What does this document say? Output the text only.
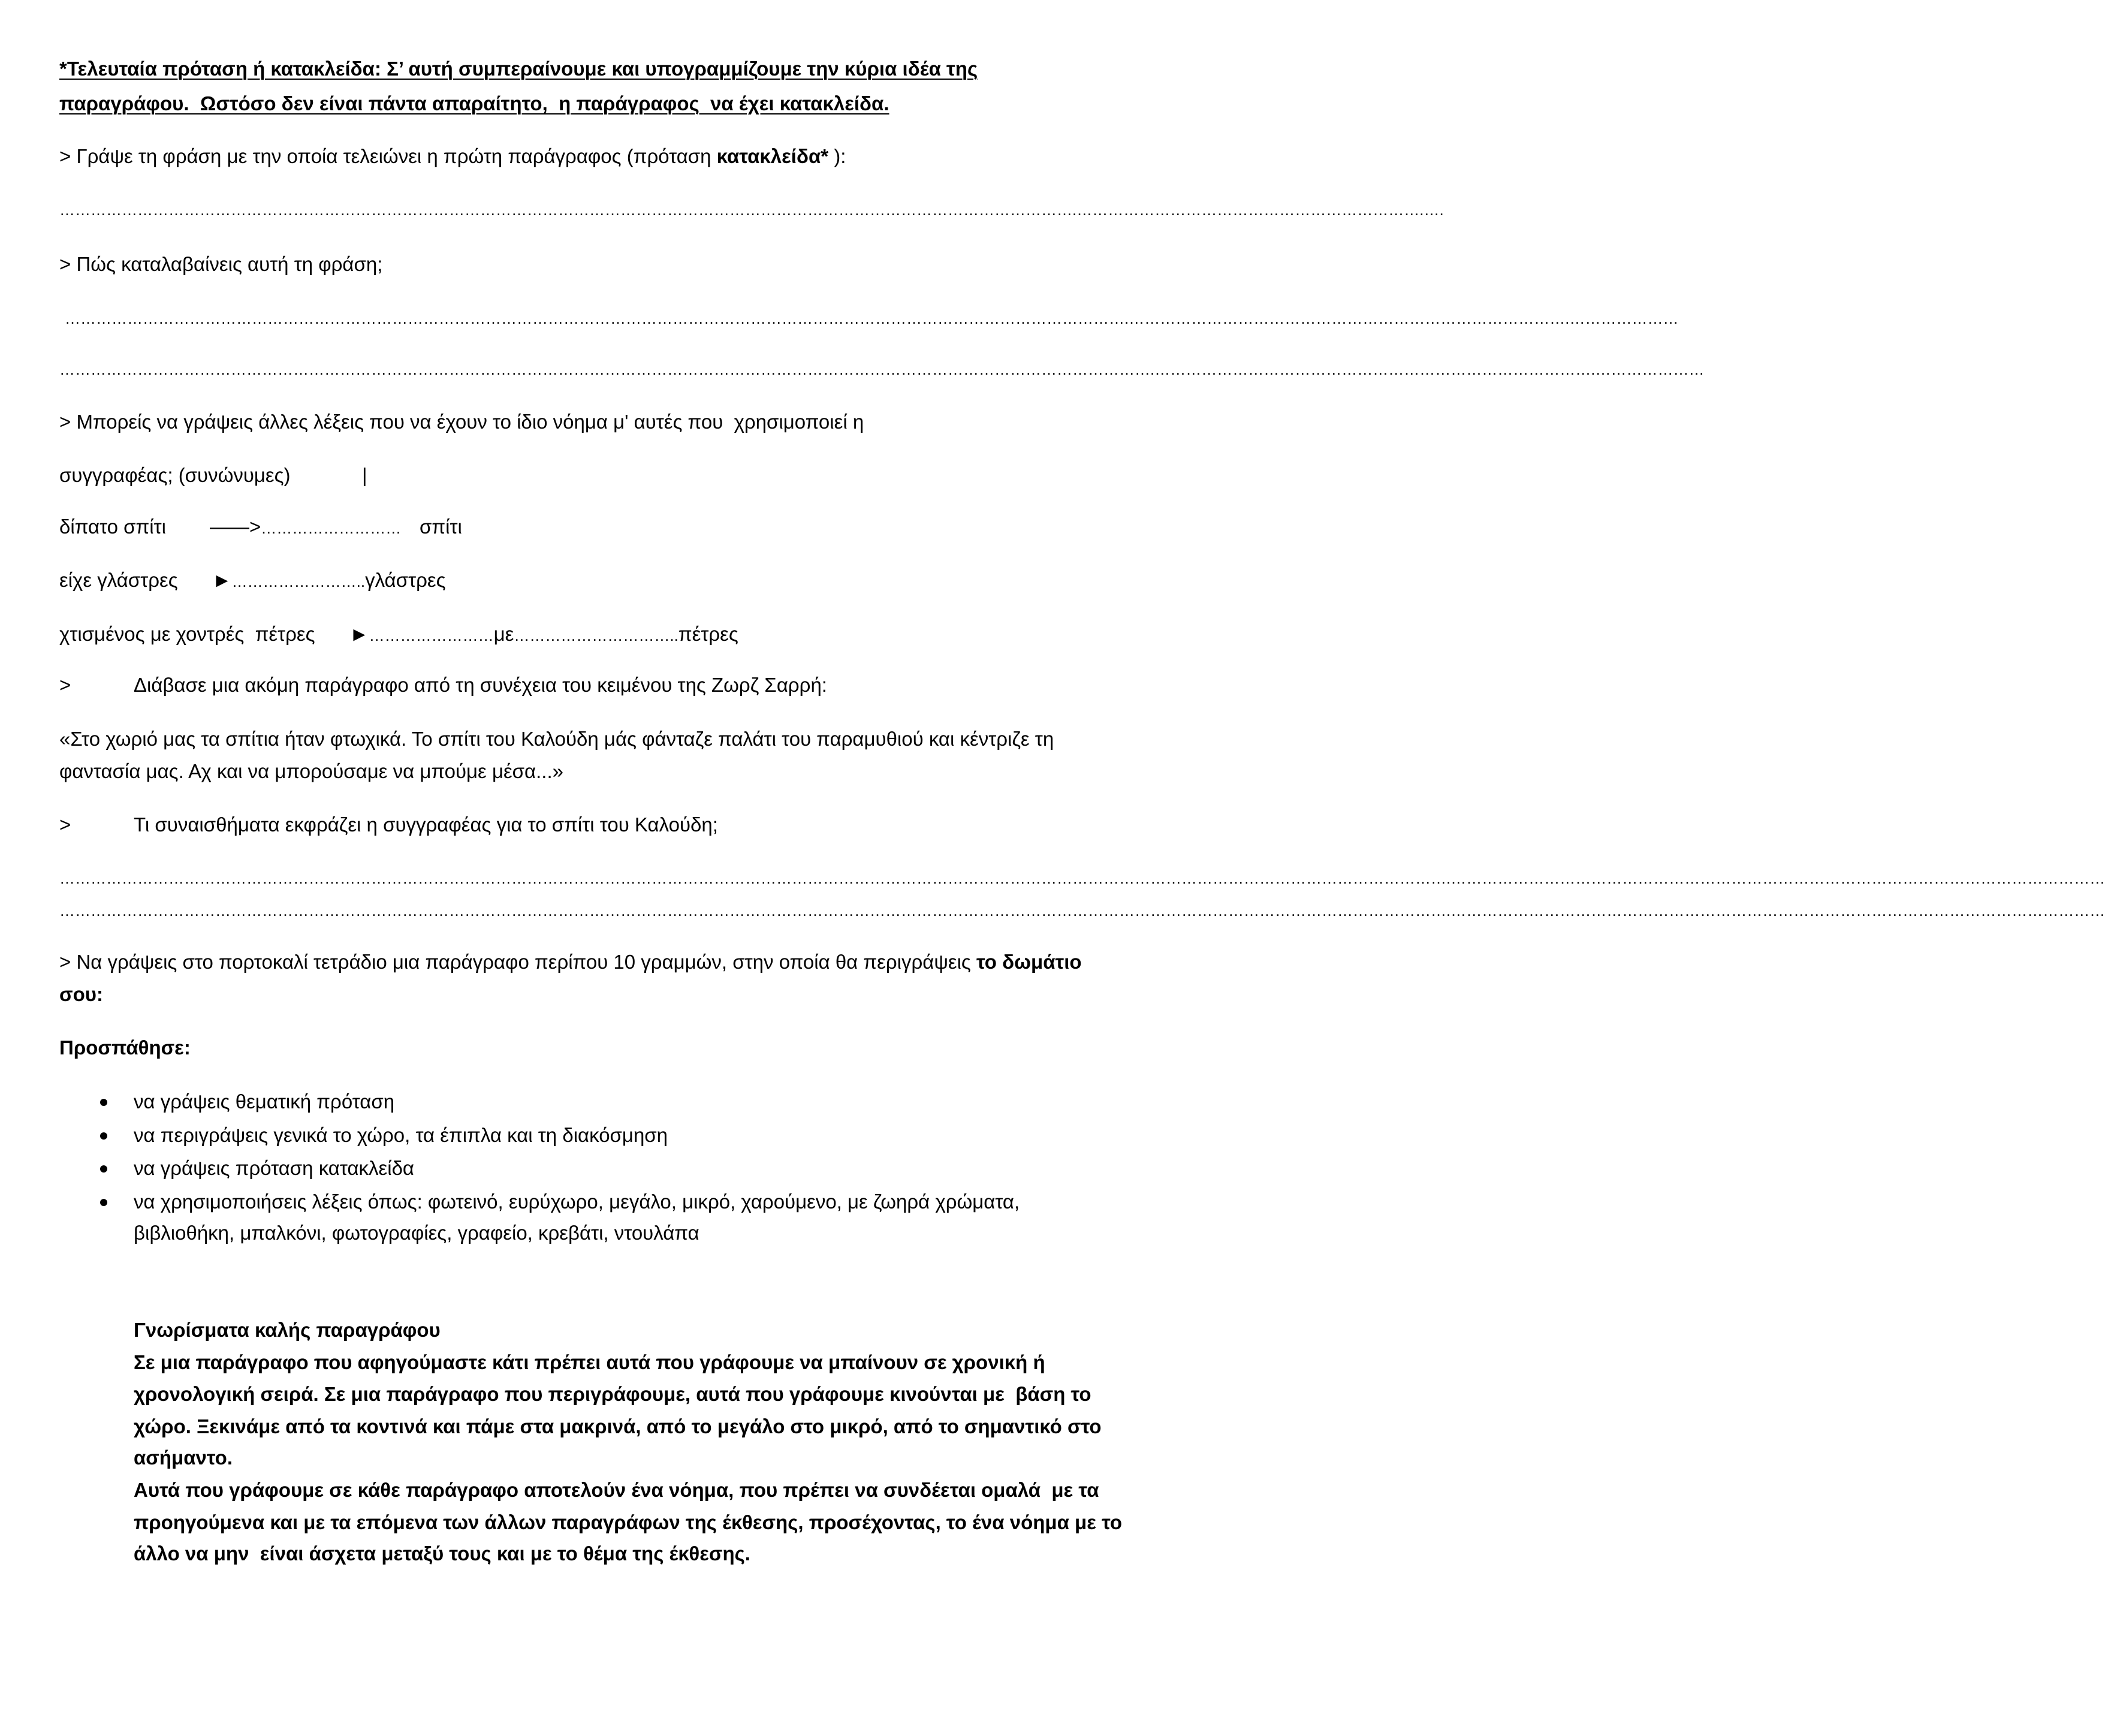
*Τελευταία πρόταση ή κατακλείδα: Σ’ αυτή συμπεραίνουμε και υπογραμμίζουμε την κύρια ιδέα της
παραγράφου.  Ωστόσο δεν είναι πάντα απαραίτητο,  η παράγραφος  να έχει κατακλείδα.
> Γράψε τη φράση με την οποία τελειώνει η πρώτη παράγραφος (πρόταση κατακλείδα* ):
…………………………………………………………………………………………………………………………………………………………………………….………………………………………………………….….
> Πώς καταλαβαίνεις αυτή τη φράση;
…………………………………………………………………………………………………………………………………………………………………………………….………………………………………………………………………….…………………
………………………………………………………………………………………………………………………………………………………………………………………….………………………………………………………………………….…………………
> Μπορείς να γράψεις άλλες λέξεις που να έχουν το ίδιο νόημα μ' αυτές που  χρησιμοποιεί η
συγγραφέας; (συνώνυμες)	|
δίπατο σπίτι ——>……………………… σπίτι
είχε γλάστρες ►……………………..γλάστρες
χτισμένος με χοντρές  πέτρες ►……………………με…………………………..πέτρες
>	Διάβασε μια ακόμη παράγραφο από τη συνέχεια του κειμένου της Ζωρζ Σαρρή:
«Στο χωριό μας τα σπίτια ήταν φτωχικά. Το σπίτι του Καλούδη μάς φάνταζε παλάτι του παραμυθιού και κέντριζε τη
φαντασία μας. Αχ και να μπορούσαμε να μπούμε μέσα...»
>	Τι συναισθήματα εκφράζει η συγγραφέας για το σπίτι του Καλούδη;
…………………………………………………………………………………………………………………………………………………………………………………………………………………………………………….………………………………………………………………………………………………………………
…………………………………………………………………………………………………………………………………………………………………………………………………………………………………………….………………………………………………………………………………………………………………
> Να γράψεις στο πορτοκαλί τετράδιο μια παράγραφο περίπου 10 γραμμών, στην οποία θα περιγράψεις το δωμάτιο
σου:
Προσπάθησε:
να γράψεις θεματική πρόταση
να περιγράψεις γενικά το χώρο, τα έπιπλα και τη διακόσμηση
να γράψεις πρόταση κατακλείδα
να χρησιμοποιήσεις λέξεις όπως: φωτεινό, ευρύχωρο, μεγάλο, μικρό, χαρούμενο, με ζωηρά χρώματα,
βιβλιοθήκη, μπαλκόνι, φωτογραφίες, γραφείο, κρεβάτι, ντουλάπα
Γνωρίσματα καλής παραγράφου
Σε μια παράγραφο που αφηγούμαστε κάτι πρέπει αυτά που γράφουμε να μπαίνουν σε χρονική ή
χρονολογική σειρά. Σε μια παράγραφο που περιγράφουμε, αυτά που γράφουμε κινούνται με  βάση το
χώρο. Ξεκινάμε από τα κοντινά και πάμε στα μακρινά, από το μεγάλο στο μικρό, από το σημαντικό στο
ασήμαντο.
Αυτά που γράφουμε σε κάθε παράγραφο αποτελούν ένα νόημα, που πρέπει να συνδέεται ομαλά  με τα
προηγούμενα και με τα επόμενα των άλλων παραγράφων της έκθεσης, προσέχοντας, το ένα νόημα με το
άλλο να μην  είναι άσχετα μεταξύ τους και με το θέμα της έκθεσης.
